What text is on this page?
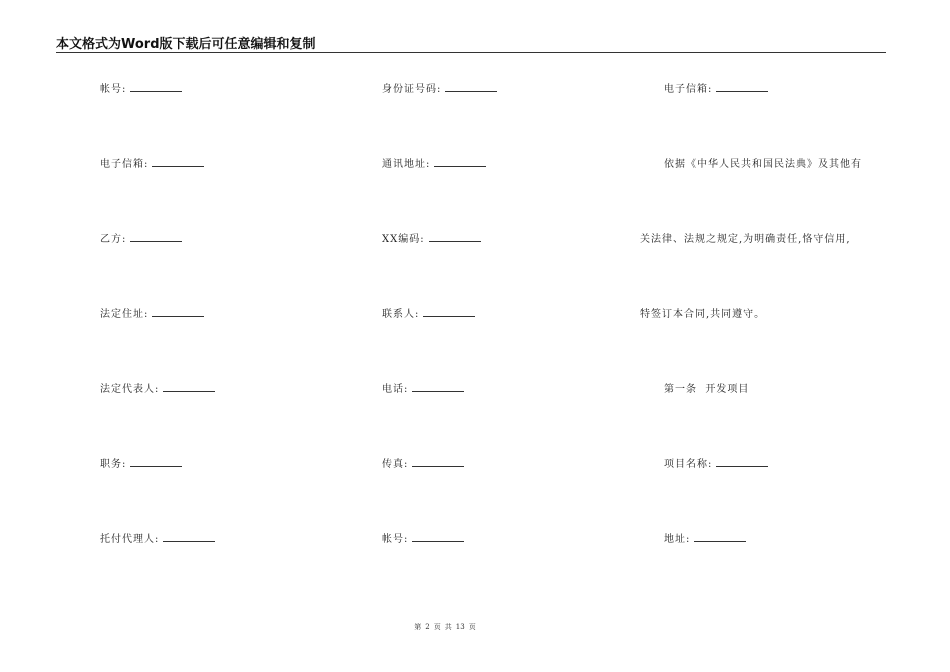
本文格式为Word版下载后可任意编辑和复制
帐号:
电子信箱:
乙方:
法定住址:
法定代表人:
职务:
托付代理人:
身份证号码:
通讯地址:
XX编码:
联系人:
电话:
传真:
帐号:
电子信箱:
依据《中华人民共和国民法典》及其他有
关法律、法规之规定,为明确责任,恪守信用,
特签订本合同,共同遵守。
第一条  开发项目
项目名称:
地址:
第 2 页 共 13 页
